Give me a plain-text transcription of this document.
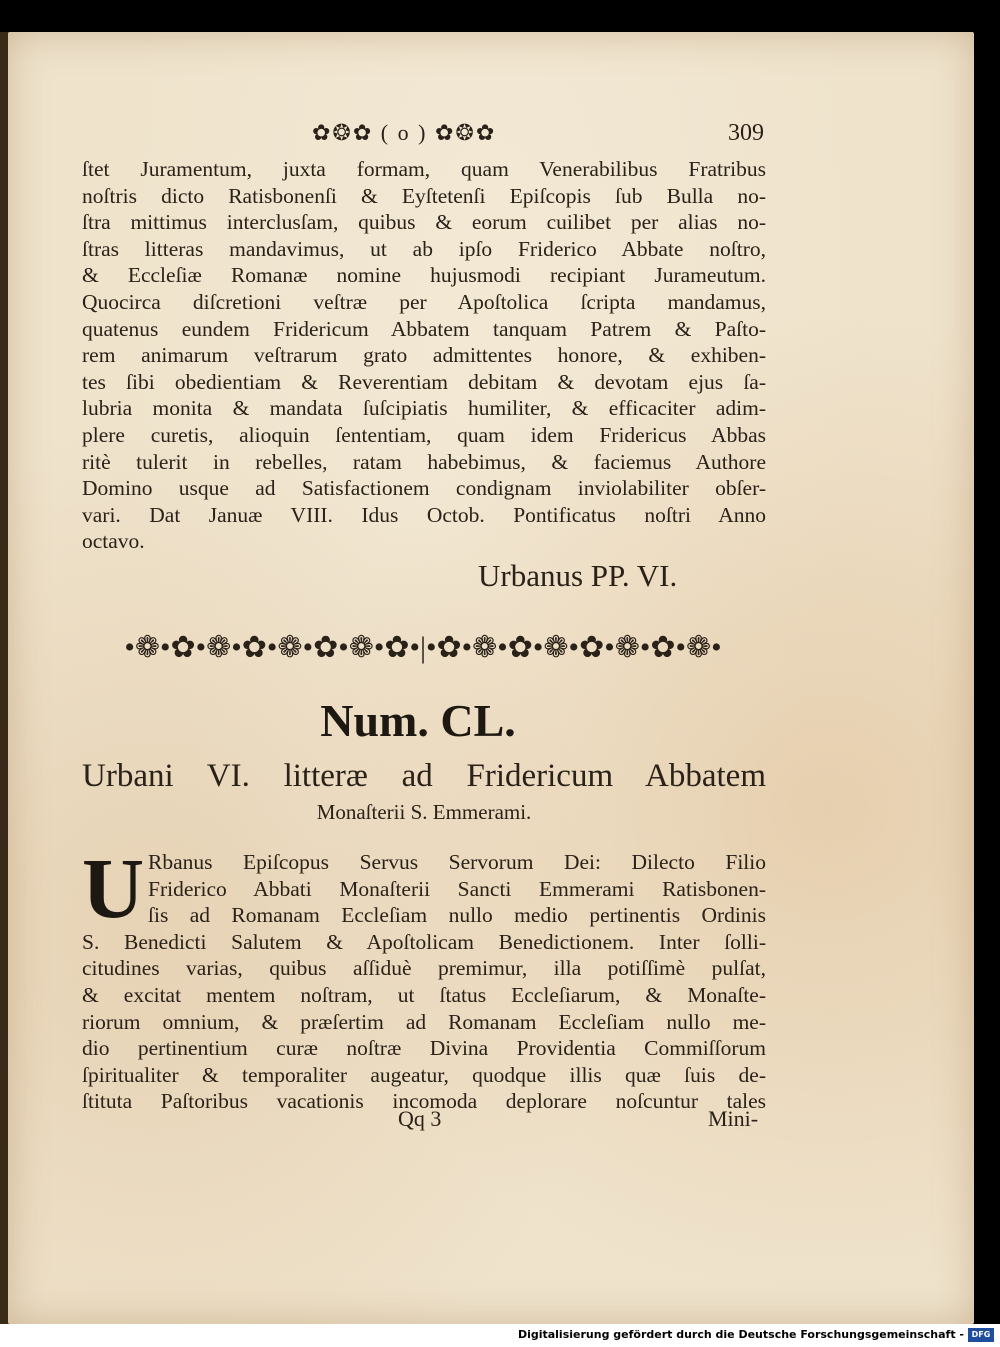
✿❂✿ ( o ) ✿❂✿	309
ſtet Juramentum, juxta formam, quam Venerabilibus Fratribus
noſtris dicto Ratisbonenſi & Eyſtetenſi Epiſcopis ſub Bulla no-
ſtra mittimus interclusſam, quibus & eorum cuilibet per alias no-
ſtras litteras mandavimus, ut ab ipſo Friderico Abbate noſtro,
& Eccleſiæ Romanæ nomine hujusmodi recipiant Jurameutum.
Quocirca diſcretioni veſtræ per Apoſtolica ſcripta mandamus,
quatenus eundem Fridericum Abbatem tanquam Patrem & Paſto-
rem animarum veſtrarum grato admittentes honore, & exhiben-
tes ſibi obedientiam & Reverentiam debitam & devotam ejus ſa-
lubria monita & mandata ſuſcipiatis humiliter, & efficaciter adim-
plere curetis, alioquin ſententiam, quam idem Fridericus Abbas
ritè tulerit in rebelles, ratam habebimus, & faciemus Authore
Domino usque ad Satisfactionem condignam inviolabiliter obſer-
vari. Dat Januæ VIII. Idus Octob. Pontificatus noſtri Anno
octavo.
Urbanus PP. VI.
•❁•✿•❁•✿•❁•✿•❁•✿•|•✿•❁•✿•❁•✿•❁•✿•❁•
Num. CL.
Urbani VI. litteræ ad Fridericum Abbatem
Monaſterii S. Emmerami.
U Rbanus Epiſcopus Servus Servorum Dei: Dilecto Filio
Friderico Abbati Monaſterii Sancti Emmerami Ratisbonen-
ſis ad Romanam Eccleſiam nullo medio pertinentis Ordinis
S. Benedicti Salutem & Apoſtolicam Benedictionem. Inter ſolli-
citudines varias, quibus aſſiduè premimur, illa potiſſimè pulſat,
& excitat mentem noſtram, ut ſtatus Eccleſiarum, & Monaſte-
riorum omnium, & præſertim ad Romanam Eccleſiam nullo me-
dio pertinentium curæ noſtræ Divina Providentia Commiſſorum
ſpiritualiter & temporaliter augeatur, quodque illis quæ ſuis de-
ſtituta Paſtoribus vacationis incomoda deplorare noſcuntur tales
Qq 3	Mini-
Digitalisierung gefördert durch die Deutsche Forschungsgemeinschaft - DFG
